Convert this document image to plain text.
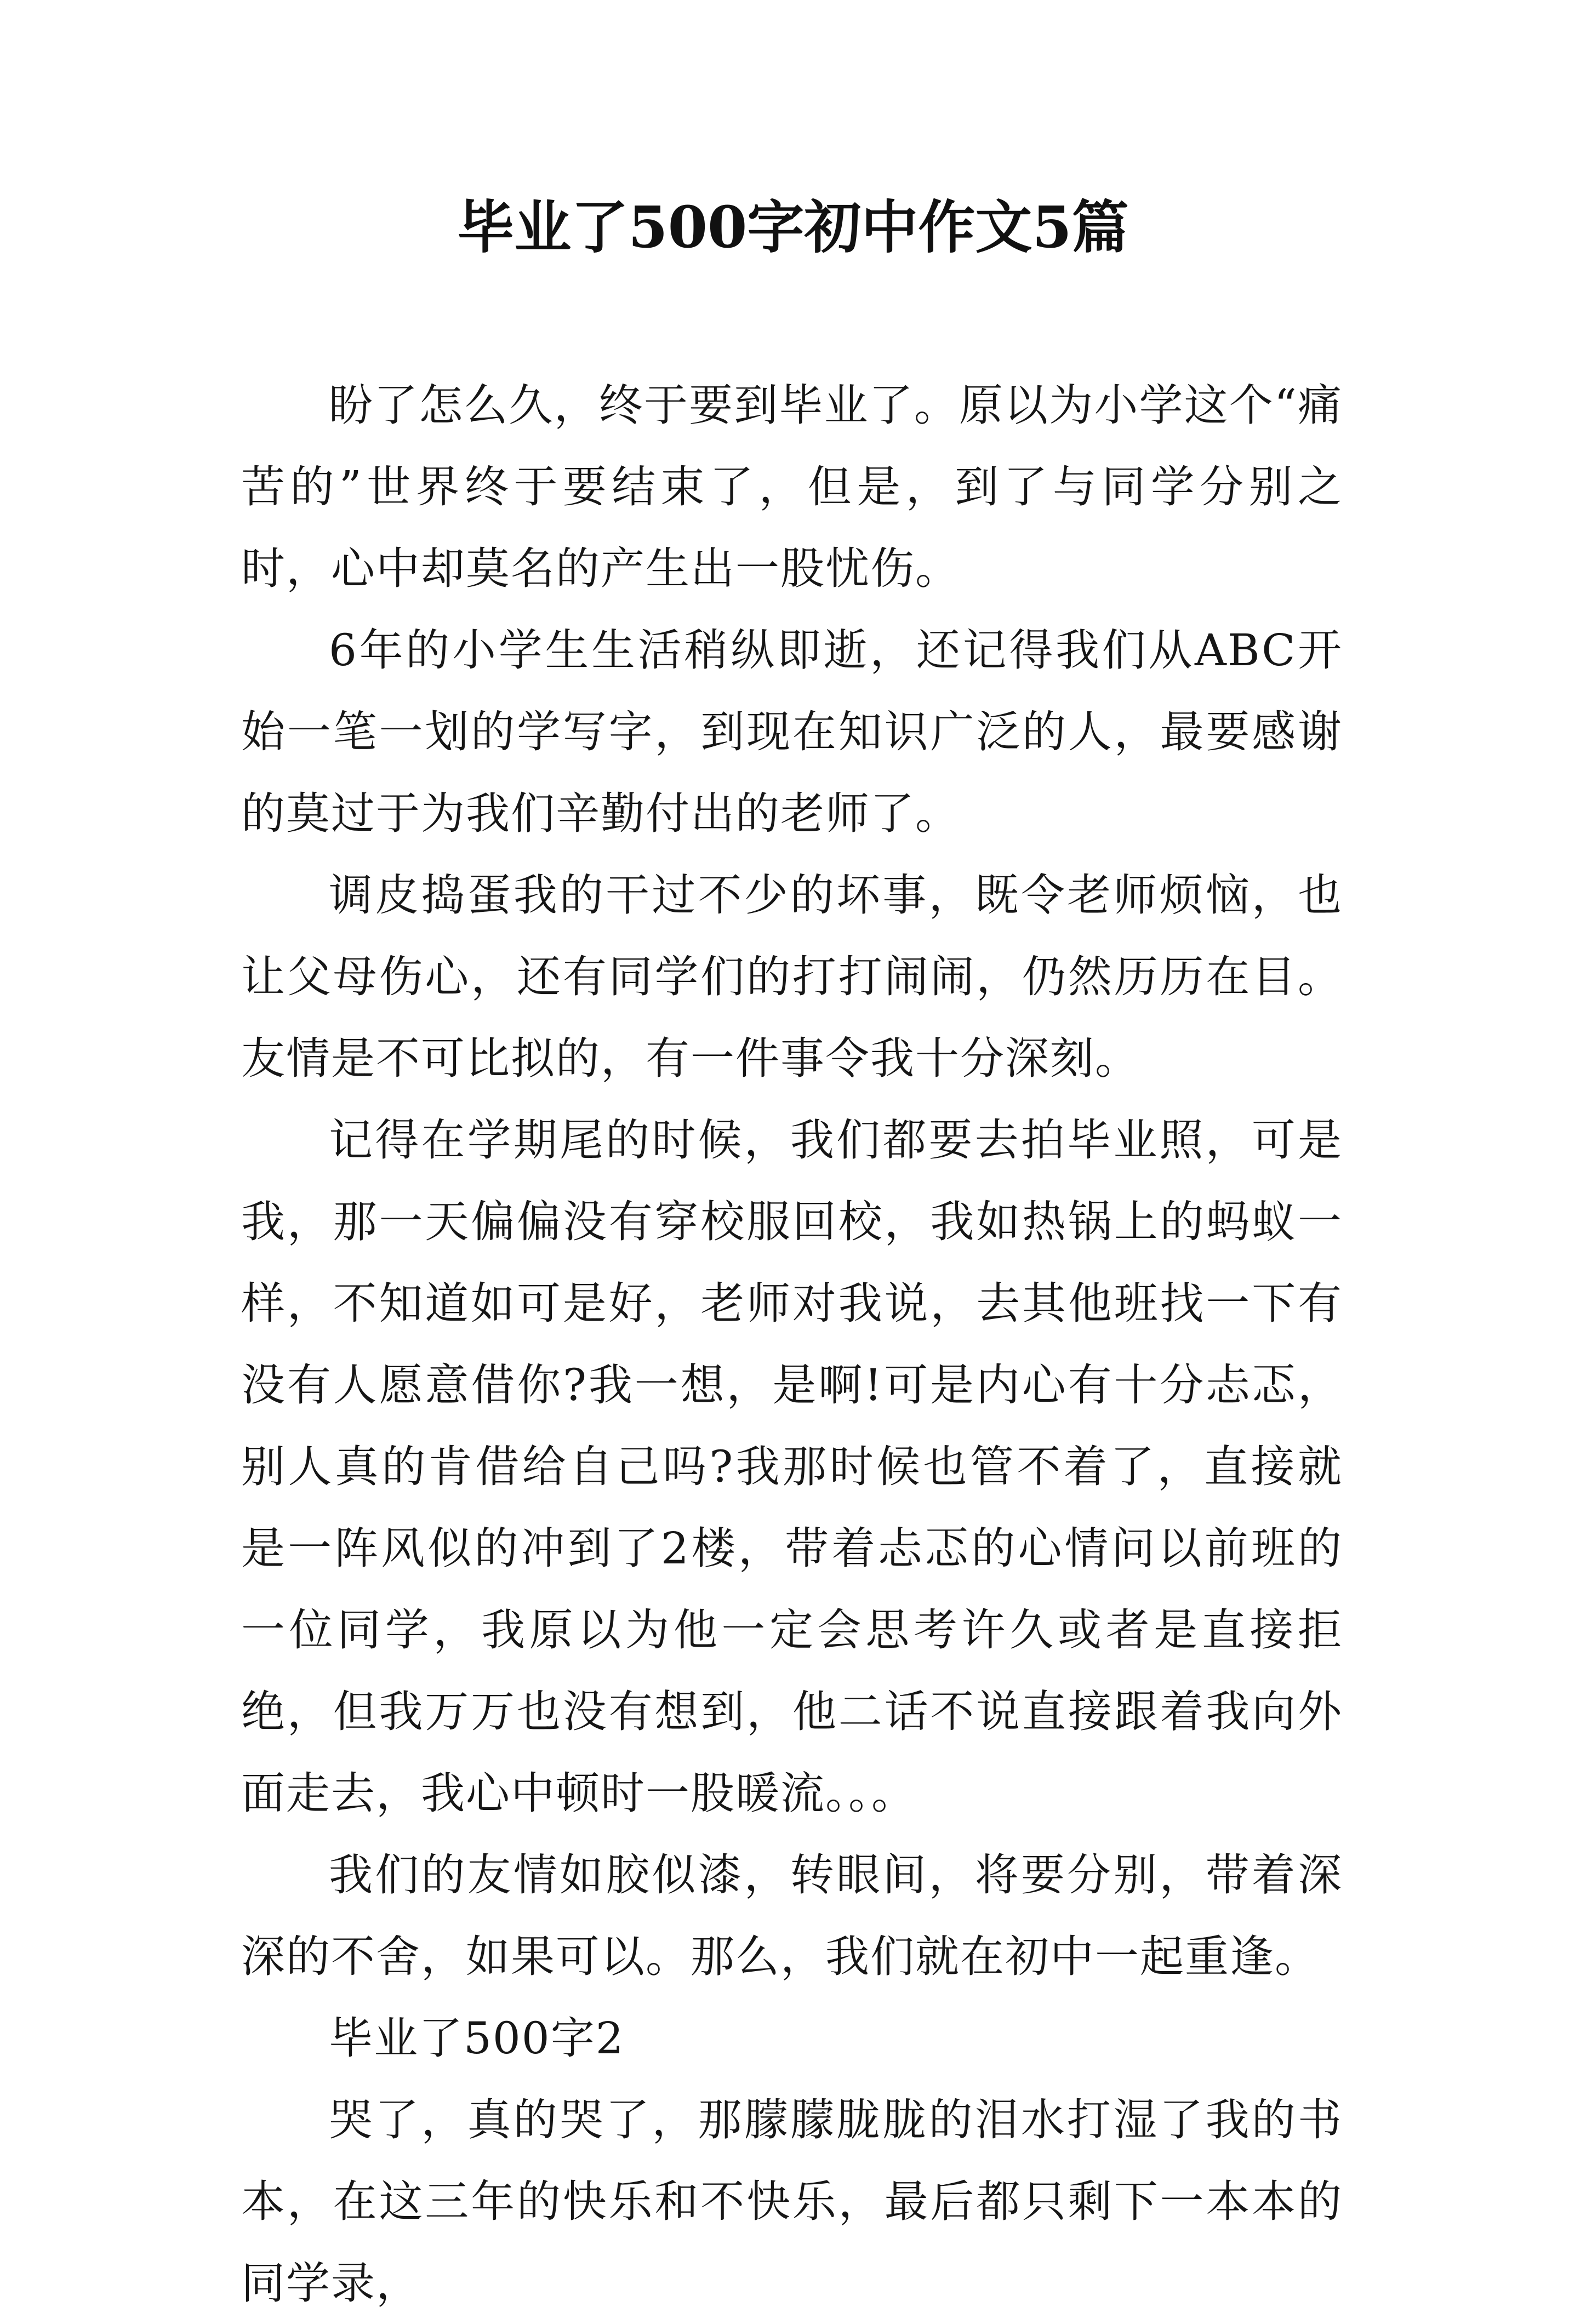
毕业了500字初中作文5篇

盼了怎么久，终于要到毕业了。原以为小学这个“痛苦的”世界终于要结束了，但是，到了与同学分别之时，心中却莫名的产生出一股忧伤。

6年的小学生生活稍纵即逝，还记得我们从ABC开始一笔一划的学写字，到现在知识广泛的人，最要感谢的莫过于为我们辛勤付出的老师了。

调皮捣蛋我的干过不少的坏事，既令老师烦恼，也让父母伤心，还有同学们的打打闹闹，仍然历历在目。友情是不可比拟的，有一件事令我十分深刻。

记得在学期尾的时候，我们都要去拍毕业照，可是我，那一天偏偏没有穿校服回校，我如热锅上的蚂蚁一样，不知道如可是好，老师对我说，去其他班找一下有没有人愿意借你?我一想，是啊!可是内心有十分忐忑，别人真的肯借给自己吗?我那时候也管不着了，直接就是一阵风似的冲到了2楼，带着忐忑的心情问以前班的一位同学，我原以为他一定会思考许久或者是直接拒绝，但我万万也没有想到，他二话不说直接跟着我向外面走去，我心中顿时一股暖流。。。

我们的友情如胶似漆，转眼间，将要分别，带着深深的不舍，如果可以。那么，我们就在初中一起重逢。

毕业了500字2

哭了，真的哭了，那朦朦胧胧的泪水打湿了我的书本，在这三年的快乐和不快乐，最后都只剩下一本本的同学录，
